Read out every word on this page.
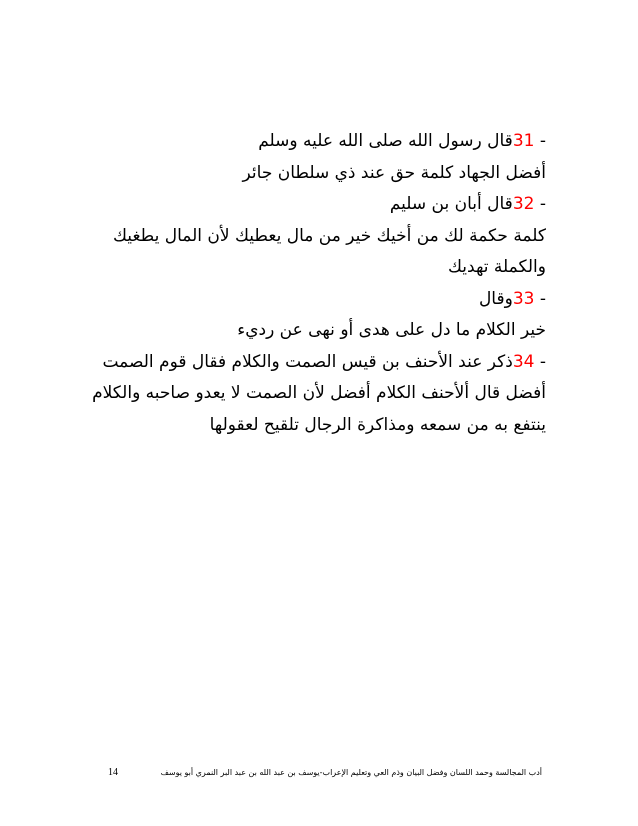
- 31قال رسول الله صلى الله عليه وسلم
أفضل الجهاد كلمة حق عند ذي سلطان جائر
- 32قال أبان بن سليم
كلمة حكمة لك من أخيك خير من مال يعطيك لأن المال يطغيك
والكملة تهديك
- 33وقال
خير الكلام ما دل على هدى أو نهى عن رديء
- 34ذكر عند الأحنف بن قيس الصمت والكلام فقال قوم الصمت
أفضل قال ألأحنف الكلام أفضل لأن الصمت لا يعدو صاحبه والكلام
ينتفع به من سمعه ومذاكرة الرجال تلقيح لعقولها
14	أدب المجالسة وحمد اللسان وفضل البيان وذم العي وتعليم الإعراب-يوسف بن عبد الله بن عبد البر النمري أبو يوسف
